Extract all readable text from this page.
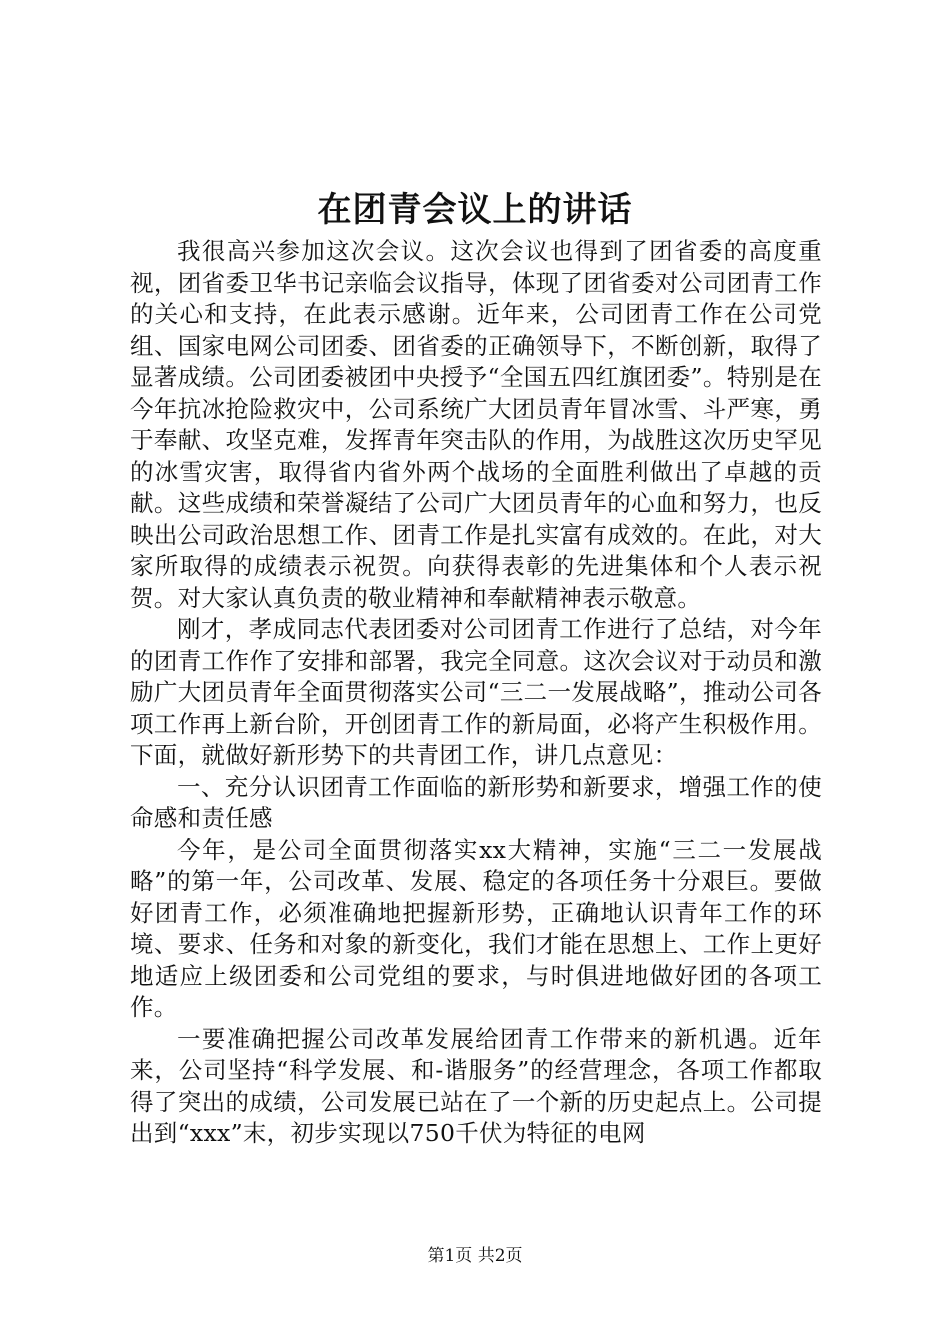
在团青会议上的讲话

我很高兴参加这次会议。这次会议也得到了团省委的高度重视，团省委卫华书记亲临会议指导，体现了团省委对公司团青工作的关心和支持，在此表示感谢。近年来，公司团青工作在公司党组、国家电网公司团委、团省委的正确领导下，不断创新，取得了显著成绩。公司团委被团中央授予“全国五四红旗团委”。特别是在今年抗冰抢险救灾中，公司系统广大团员青年冒冰雪、斗严寒，勇于奉献、攻坚克难，发挥青年突击队的作用，为战胜这次历史罕见的冰雪灾害，取得省内省外两个战场的全面胜利做出了卓越的贡献。这些成绩和荣誉凝结了公司广大团员青年的心血和努力，也反映出公司政治思想工作、团青工作是扎实富有成效的。在此，对大家所取得的成绩表示祝贺。向获得表彰的先进集体和个人表示祝贺。对大家认真负责的敬业精神和奉献精神表示敬意。

刚才，孝成同志代表团委对公司团青工作进行了总结，对今年的团青工作作了安排和部署，我完全同意。这次会议对于动员和激励广大团员青年全面贯彻落实公司“三二一发展战略”，推动公司各项工作再上新台阶，开创团青工作的新局面，必将产生积极作用。下面，就做好新形势下的共青团工作，讲几点意见：

一、充分认识团青工作面临的新形势和新要求，增强工作的使命感和责任感

今年，是公司全面贯彻落实xx大精神，实施“三二一发展战略”的第一年，公司改革、发展、稳定的各项任务十分艰巨。要做好团青工作，必须准确地把握新形势，正确地认识青年工作的环境、要求、任务和对象的新变化，我们才能在思想上、工作上更好地适应上级团委和公司党组的要求，与时俱进地做好团的各项工作。

一要准确把握公司改革发展给团青工作带来的新机遇。近年来，公司坚持“科学发展、和-谐服务”的经营理念，各项工作都取得了突出的成绩，公司发展已站在了一个新的历史起点上。公司提出到“xxx”末，初步实现以750千伏为特征的电网

第1页 共2页
